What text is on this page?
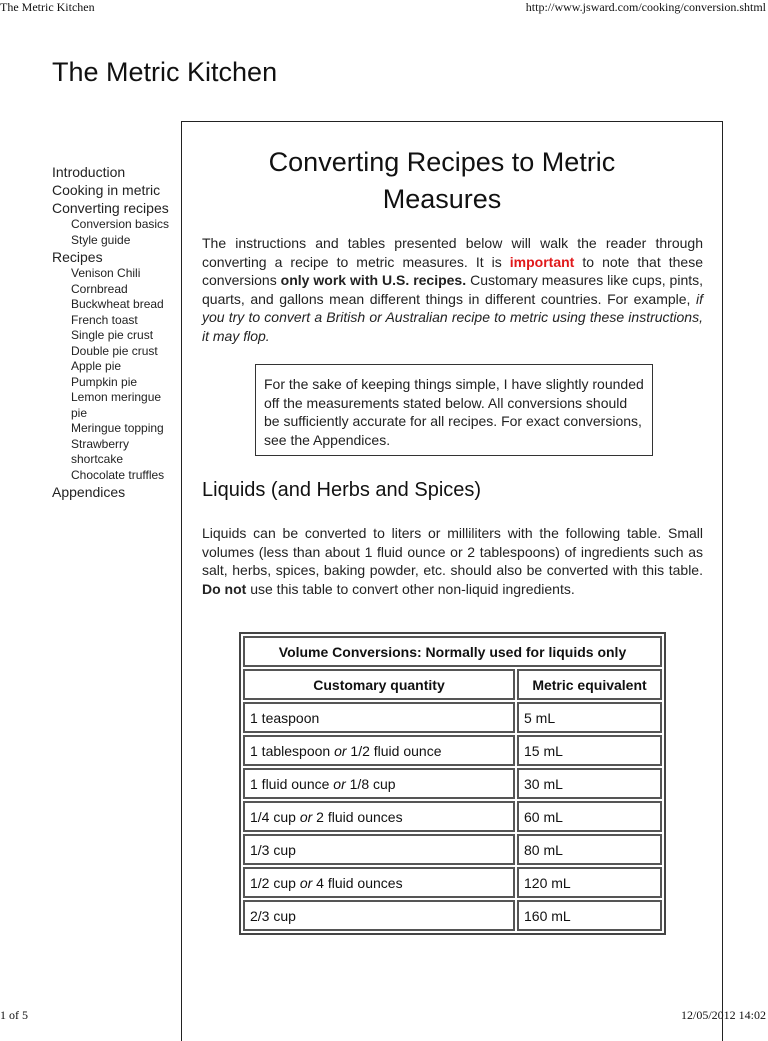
The Metric Kitchen	http://www.jsward.com/cooking/conversion.shtml
The Metric Kitchen
Introduction
Cooking in metric
Converting recipes
Conversion basics
Style guide
Recipes
Venison Chili
Cornbread
Buckwheat bread
French toast
Single pie crust
Double pie crust
Apple pie
Pumpkin pie
Lemon meringue pie
Meringue topping
Strawberry shortcake
Chocolate truffles
Appendices
Converting Recipes to Metric Measures

The instructions and tables presented below will walk the reader through converting a recipe to metric measures. It is important to note that these conversions only work with U.S. recipes. Customary measures like cups, pints, quarts, and gallons mean different things in different countries. For example, if you try to convert a British or Australian recipe to metric using these instructions, it may flop.

For the sake of keeping things simple, I have slightly rounded off the measurements stated below. All conversions should be sufficiently accurate for all recipes. For exact conversions, see the Appendices.
Liquids (and Herbs and Spices)

Liquids can be converted to liters or milliliters with the following table. Small volumes (less than about 1 fluid ounce or 2 tablespoons) of ingredients such as salt, herbs, spices, baking powder, etc. should also be converted with this table. Do not use this table to convert other non-liquid ingredients.

Volume Conversions: Normally used for liquids only	
Customary quantity	Metric equivalent
1 teaspoon	5 mL
1 tablespoon or 1/2 fluid ounce	15 mL
1 fluid ounce or 1/8 cup	30 mL
1/4 cup or 2 fluid ounces	60 mL
1/3 cup	80 mL
1/2 cup or 4 fluid ounces	120 mL
2/3 cup	160 mL
1 of 5	12/05/2012 14:02
